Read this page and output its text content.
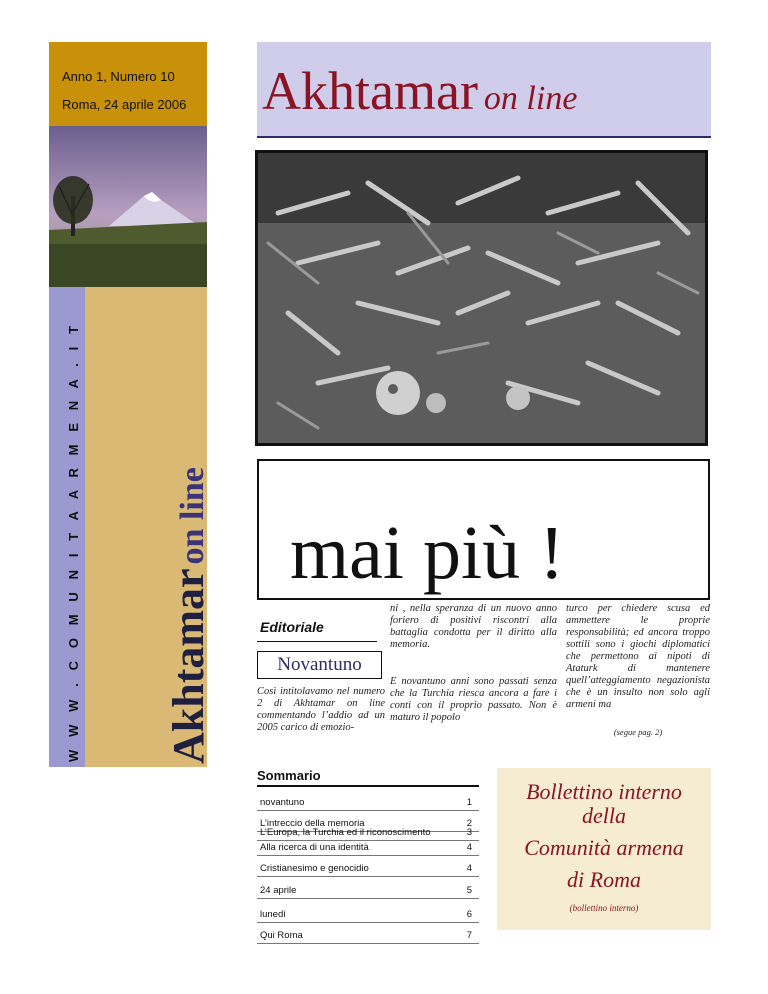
Anno 1, Numero 10
Roma, 24 aprile 2006
W W W . C O M U N I T A A R M E N A . I T Akhtamar on line
Akhtamar on line
mai più !
Editoriale
Novantuno
Così intitolavamo nel numero 2 di Akhtamar on line commentando l’addio ad un 2005 carico di emozio-
ni , nella speranza di un nuovo anno foriero di positivi riscontri alla battaglia condotta per il diritto alla memoria.
E novantuno anni sono passati senza che la Turchia riesca ancora a fare i conti con il proprio passato. Non è maturo il popolo
turco per chiedere scusa ed ammettere le proprie responsabilità; ed ancora troppo sottili sono i giochi diplomatici che permettono ai nipoti di Ataturk di mantenere quell’atteggiamento negazionista che è un insulto non solo agli armeni ma
(segue pag. 2)
Sommario
novantuno	1
L’intreccio della memoria	2
L’Europa, la Turchia ed il riconoscimento	3
Alla ricerca di una identità	4
Cristianesimo e genocidio	4
24 aprile	5
lunedì	6
Qui Roma	7
Bollettino interno
della
Comunità armena
di Roma
(bollettino interno)
